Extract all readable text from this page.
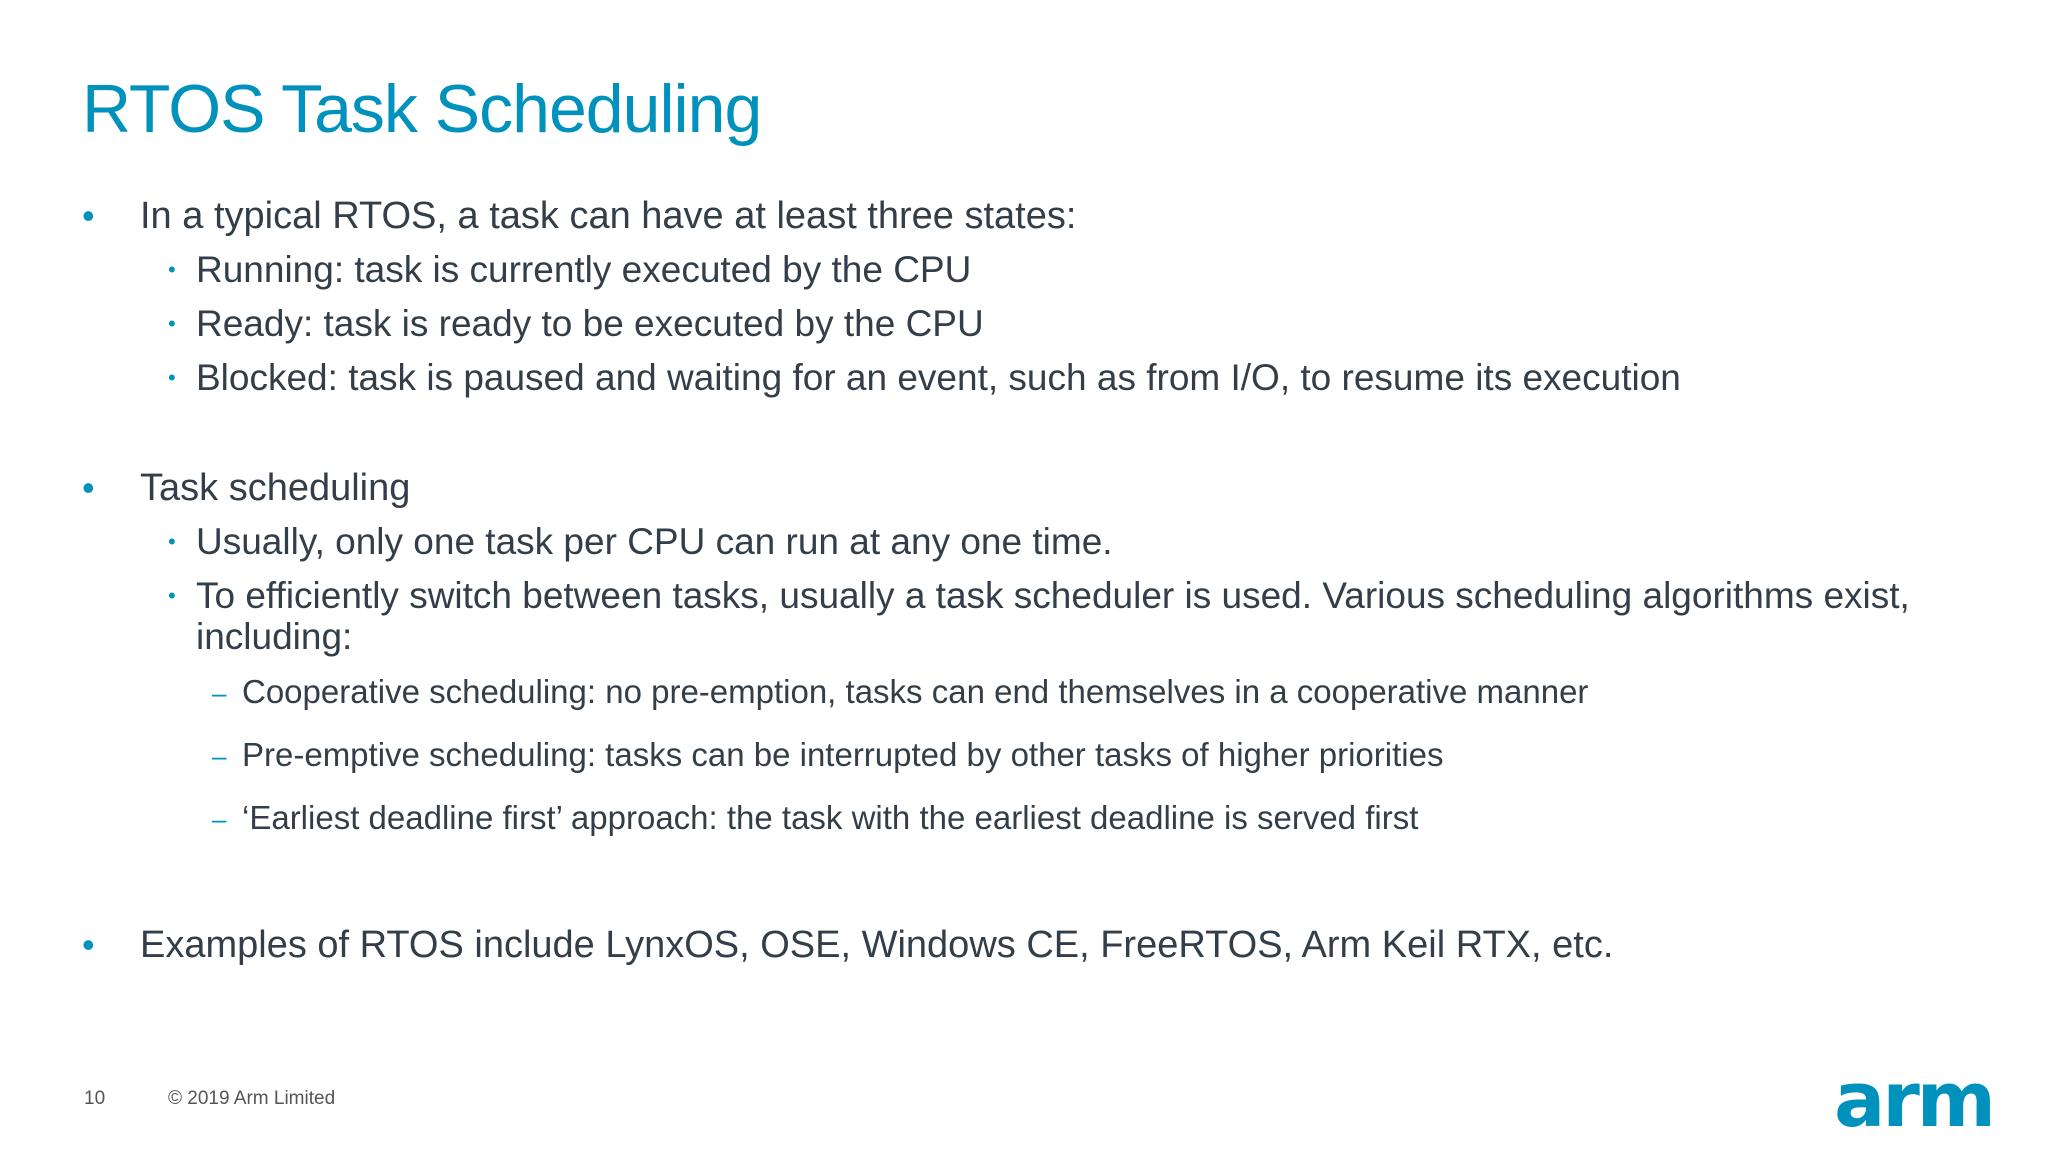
RTOS Task Scheduling
• In a typical RTOS, a task can have at least three states:
• Running: task is currently executed by the CPU
• Ready: task is ready to be executed by the CPU
• Blocked: task is paused and waiting for an event, such as from I/O, to resume its execution
• Task scheduling
• Usually, only one task per CPU can run at any one time.
• To efficiently switch between tasks, usually a task scheduler is used. Various scheduling algorithms exist, including:
– Cooperative scheduling: no pre-emption, tasks can end themselves in a cooperative manner
– Pre-emptive scheduling: tasks can be interrupted by other tasks of higher priorities
– ‘Earliest deadline first’ approach: the task with the earliest deadline is served first
• Examples of RTOS include LynxOS, OSE, Windows CE, FreeRTOS, Arm Keil RTX, etc.
10	© 2019 Arm Limited	arm
